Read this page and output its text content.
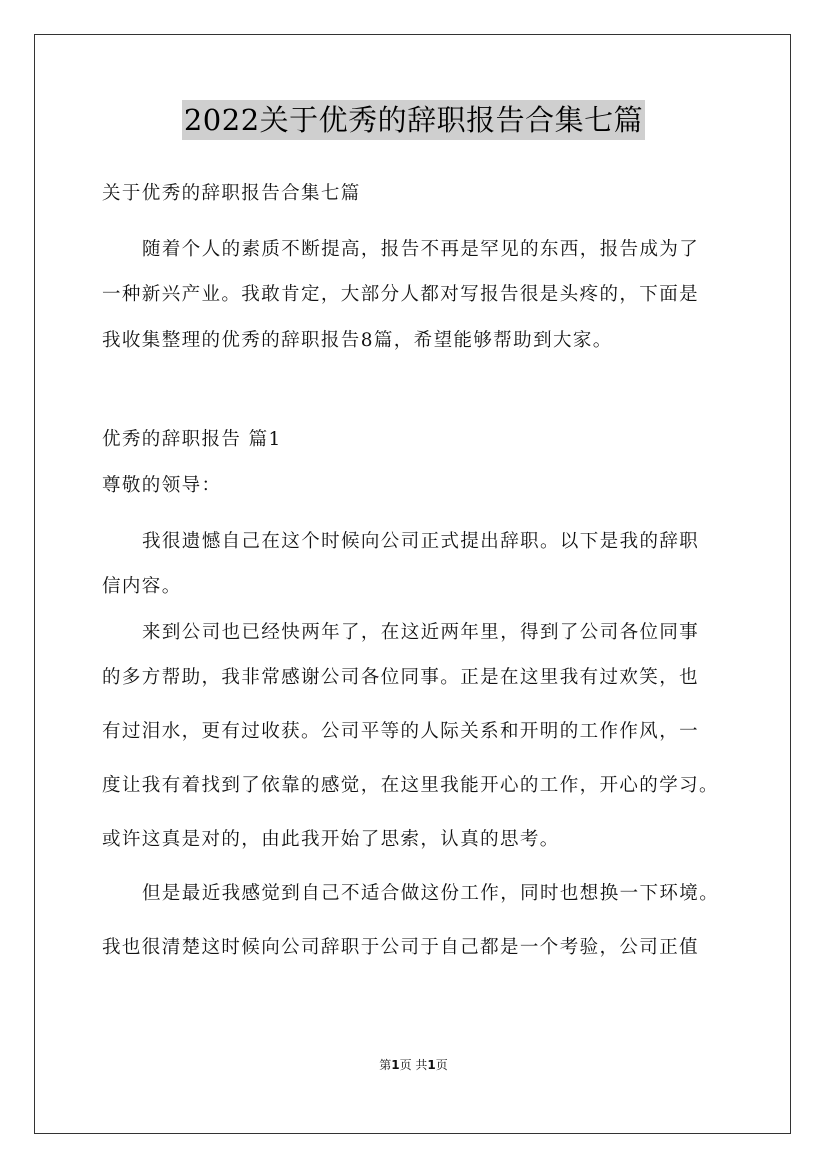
2022关于优秀的辞职报告合集七篇
关于优秀的辞职报告合集七篇
随着个人的素质不断提高，报告不再是罕见的东西，报告成为了
一种新兴产业。我敢肯定，大部分人都对写报告很是头疼的，下面是
我收集整理的优秀的辞职报告8篇，希望能够帮助到大家。
优秀的辞职报告 篇1
尊敬的领导：
我很遗憾自己在这个时候向公司正式提出辞职。以下是我的辞职
信内容。
来到公司也已经快两年了，在这近两年里，得到了公司各位同事
的多方帮助，我非常感谢公司各位同事。正是在这里我有过欢笑，也
有过泪水，更有过收获。公司平等的人际关系和开明的工作作风，一
度让我有着找到了依靠的感觉，在这里我能开心的工作，开心的学习。
或许这真是对的，由此我开始了思索，认真的思考。
但是最近我感觉到自己不适合做这份工作，同时也想换一下环境。
我也很清楚这时候向公司辞职于公司于自己都是一个考验，公司正值
第1页 共1页
